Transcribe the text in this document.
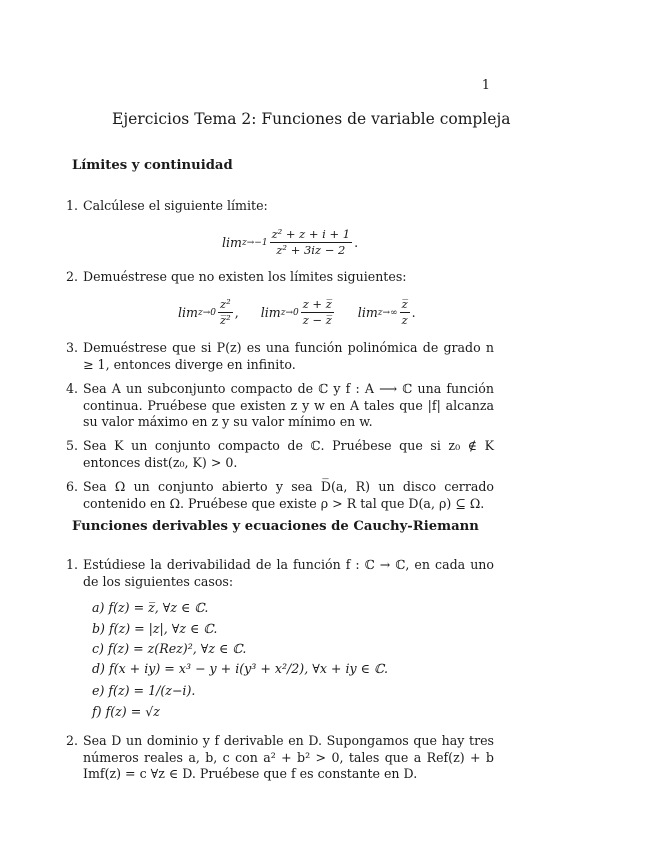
1
Ejercicios Tema 2: Funciones de variable compleja
Límites y continuidad
1. Calcúlese el siguiente límite:
$\lim z\to-1 \frac{\text{z² + z + i + 1}}{\text{z² + 3iz − 2}}$ .
2. Demuéstrese que no existen los límites siguientes:
$\lim z\to 0 \frac{\text{z²}}{\text{z̅²}}$ , $\lim z\to 0 \frac{z + z̅}{z - z̅}$ $\lim z\to\infty \frac{z̅}{z}$ .
3. Demuéstrese que si P(z) es una función polinómica de grado n ≥ 1, entonces diverge en infinito.
4. Sea A un subconjunto compacto de ℂ y f : A ⟶ ℂ una función continua. Pruébese que existen z y w en A tales que |f| alcanza su valor máximo en z y su valor mínimo en w.
5. Sea K un conjunto compacto de ℂ. Pruébese que si z₀ ∉ K entonces dist(z₀, K) > 0.
6. Sea Ω un conjunto abierto y sea D̅(a, R) un disco cerrado contenido en Ω. Pruébese que existe ρ > R tal que D(a, ρ) ⊆ Ω.
Funciones derivables y ecuaciones de Cauchy-Riemann
1. Estúdiese la derivabilidad de la función f : ℂ → ℂ, en cada uno de los siguientes casos:
a) f(z) = z̅, ∀z ∈ ℂ.
b) f(z) = |z|, ∀z ∈ ℂ.
c) f(z) = z(Rez)², ∀z ∈ ℂ.
d) f(x + iy) = x³ − y + i(y³ + x²/2), ∀x + iy ∈ ℂ.
e) f(z) = 1/(z−i).
f) f(z) = √z
2. Sea D un dominio y f derivable en D. Supongamos que hay tres números reales a, b, c con a² + b² > 0, tales que a Ref(z) + b Imf(z) = c ∀z ∈ D. Pruébese que f es constante en D.
